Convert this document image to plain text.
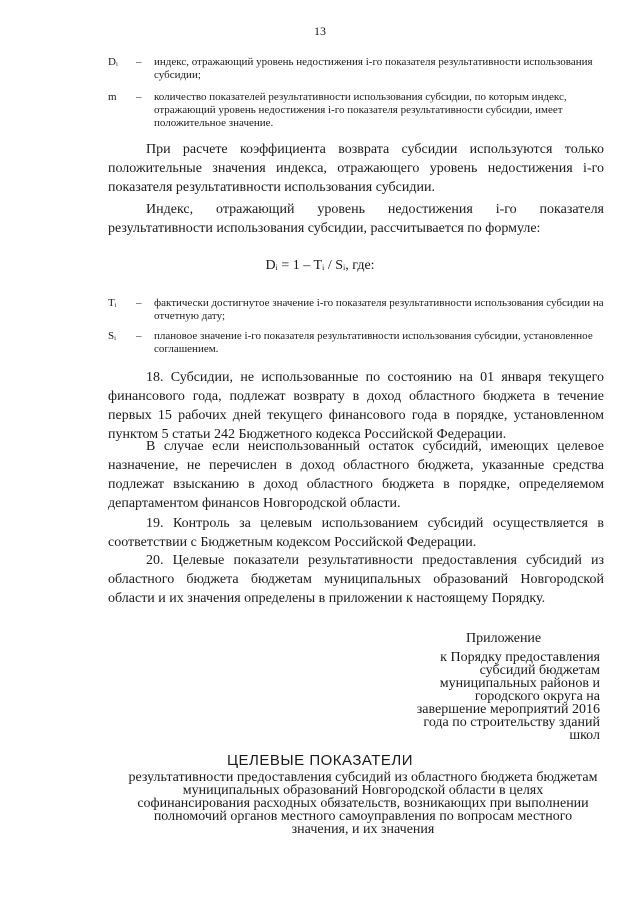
13
Dᵢ	– индекс, отражающий уровень недостижения i-го показателя результативности использования субсидии;
m	– количество показателей результативности использования субсидии, по которым индекс, отражающий уровень недостижения i-го показателя результативности субсидии, имеет положительное значение.
При расчете коэффициента возврата субсидии используются только положительные значения индекса, отражающего уровень недостижения i-го показателя результативности использования субсидии.
Индекс, отражающий уровень недостижения i-го показателя результативности использования субсидии, рассчитывается по формуле:
Dᵢ = 1 – Tᵢ / Sᵢ, где:
Tᵢ	– фактически достигнутое значение i-го показателя результативности использования субсидии на отчетную дату;
Sᵢ	– плановое значение i-го показателя результативности использования субсидии, установленное соглашением.
18. Субсидии, не использованные по состоянию на 01 января текущего финансового года, подлежат возврату в доход областного бюджета в течение первых 15 рабочих дней текущего финансового года в порядке, установленном пунктом 5 статьи 242 Бюджетного кодекса Российской Федерации.
В случае если неиспользованный остаток субсидий, имеющих целевое назначение, не перечислен в доход областного бюджета, указанные средства подлежат взысканию в доход областного бюджета в порядке, определяемом департаментом финансов Новгородской области.
19. Контроль за целевым использованием субсидий осуществляется в соответствии с Бюджетным кодексом Российской Федерации.
20. Целевые показатели результативности предоставления субсидий из областного бюджета бюджетам муниципальных образований Новгородской области и их значения определены в приложении к настоящему Порядку.
Приложение
к Порядку предоставления субсидий бюджетам муниципальных районов и городского округа на завершение мероприятий 2016 года по строительству зданий школ
ЦЕЛЕВЫЕ ПОКАЗАТЕЛИ
результативности предоставления субсидий из областного бюджета бюджетам муниципальных образований Новгородской области в целях софинансирования расходных обязательств, возникающих при выполнении полномочий органов местного самоуправления по вопросам местного значения, и их значения
